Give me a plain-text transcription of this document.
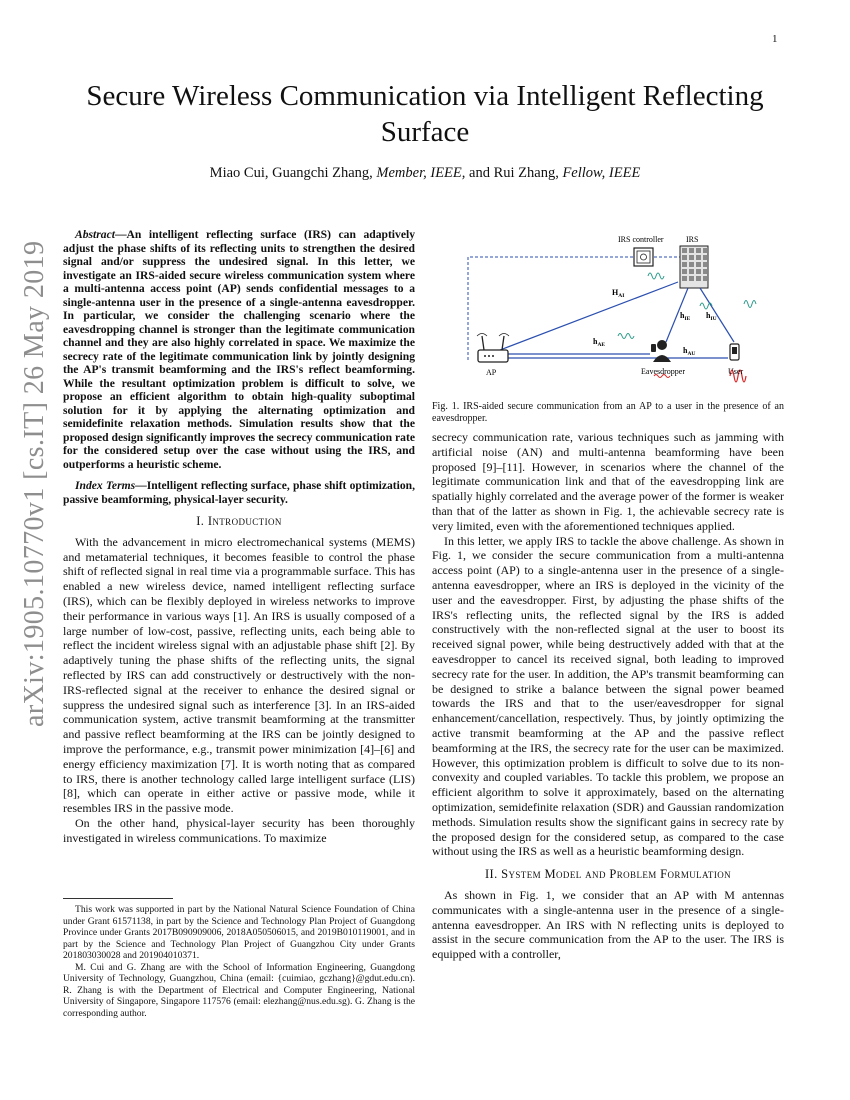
1
arXiv:1905.10770v1 [cs.IT] 26 May 2019
Secure Wireless Communication via Intelligent Reflecting Surface
Miao Cui, Guangchi Zhang, Member, IEEE, and Rui Zhang, Fellow, IEEE

Abstract—An intelligent reflecting surface (IRS) can adaptively adjust the phase shifts of its reflecting units to strengthen the desired signal and/or suppress the undesired signal. In this letter, we investigate an IRS-aided secure wireless communication system where a multi-antenna access point (AP) sends confidential messages to a single-antenna user in the presence of a single-antenna eavesdropper. In particular, we consider the challenging scenario where the eavesdropping channel is stronger than the legitimate communication channel and they are also highly correlated in space. We maximize the secrecy rate of the legitimate communication link by jointly designing the AP's transmit beamforming and the IRS's reflect beamforming. While the resultant optimization problem is difficult to solve, we propose an efficient algorithm to obtain high-quality suboptimal solution for it by applying the alternating optimization and semidefinite relaxation methods. Simulation results show that the proposed design significantly improves the secrecy communication rate for the considered setup over the case without using the IRS, and outperforms a heuristic scheme.

Index Terms—Intelligent reflecting surface, phase shift optimization, passive beamforming, physical-layer security.

I. Introduction

With the advancement in micro electromechanical systems (MEMS) and metamaterial techniques, it becomes feasible to control the phase shift of reflected signal in real time via a programmable surface. This has enabled a new wireless device, named intelligent reflecting surface (IRS), which can be flexibly deployed in wireless networks to improve their performance in various ways [1]. An IRS is usually composed of a large number of low-cost, passive, reflecting units, each being able to reflect the incident wireless signal with an adjustable phase shift [2]. By adaptively tuning the phase shifts of the reflecting units, the signal reflected by IRS can add constructively or destructively with the non-IRS-reflected signal at the receiver to enhance the desired signal or suppress the undesired signal such as interference [3]. In an IRS-aided communication system, active transmit beamforming at the transmitter and passive reflect beamforming at the IRS can be jointly designed to improve the performance, e.g., transmit power minimization [4]–[6] and energy efficiency maximization [7]. It is worth noting that as compared to IRS, there is another technology called large intelligent surface (LIS) [8], which can operate in either active or passive mode, while it resembles IRS in the passive mode.

On the other hand, physical-layer security has been thoroughly investigated in wireless communications. To maximize

This work was supported in part by the National Natural Science Foundation of China under Grant 61571138, in part by the Science and Technology Plan Project of Guangdong Province under Grants 2017B090909006, 2018A050506015, and 2019B010119001, and in part by the Science and Technology Plan Project of Guangzhou City under Grants 201803030028 and 201904010371.

M. Cui and G. Zhang are with the School of Information Engineering, Guangdong University of Technology, Guangzhou, China (email: {cuimiao, gczhang}@gdut.edu.cn). R. Zhang is with the Department of Electrical and Computer Engineering, National University of Singapore, Singapore 117576 (email: elezhang@nus.edu.sg). G. Zhang is the corresponding author.

IRS controller	IRS
AP	Eavesdropper	User
$H_{AI}$
$h_{IE}$ $h_{IU}$
$h_{AE}$
$h_{AU}$
Fig. 1. IRS-aided secure communication from an AP to a user in the presence of an eavesdropper.

secrecy communication rate, various techniques such as jamming with artificial noise (AN) and multi-antenna beamforming have been proposed [9]–[11]. However, in scenarios where the channel of the legitimate communication link and that of the eavesdropping link are spatially highly correlated and the average power of the former is weaker than that of the latter as shown in Fig. 1, the achievable secrecy rate is very limited, even with the aforementioned techniques applied.

In this letter, we apply IRS to tackle the above challenge. As shown in Fig. 1, we consider the secure communication from a multi-antenna access point (AP) to a single-antenna user in the presence of a single-antenna eavesdropper, where an IRS is deployed in the vicinity of the user and the eavesdropper. First, by adjusting the phase shifts of the IRS's reflecting units, the reflected signal by the IRS is added constructively with the non-reflected signal at the user to boost its received signal power, while being destructively added with that at the eavesdropper to cancel its received signal, both leading to improved secrecy rate for the user. In addition, the AP's transmit beamforming can be designed to strike a balance between the signal power beamed towards the IRS and that to the user/eavesdropper for signal enhancement/cancellation, respectively. Thus, by jointly optimizing the active transmit beamforming at the AP and the passive reflect beamforming at the IRS, the secrecy rate for the user can be maximized. However, this optimization problem is difficult to solve due to its non-convexity and coupled variables. To tackle this problem, we propose an efficient algorithm to solve it approximately, based on the alternating optimization, semidefinite relaxation (SDR) and Gaussian randomization methods. Simulation results show the significant gains in secrecy rate by the proposed design for the considered setup, as compared to the case without using the IRS as well as a heuristic beamforming design.

II. System Model and Problem Formulation

As shown in Fig. 1, we consider that an AP with M antennas communicates with a single-antenna user in the presence of a single-antenna eavesdropper. An IRS with N reflecting units is deployed to assist in the secure communication from the AP to the user. The IRS is equipped with a controller,
